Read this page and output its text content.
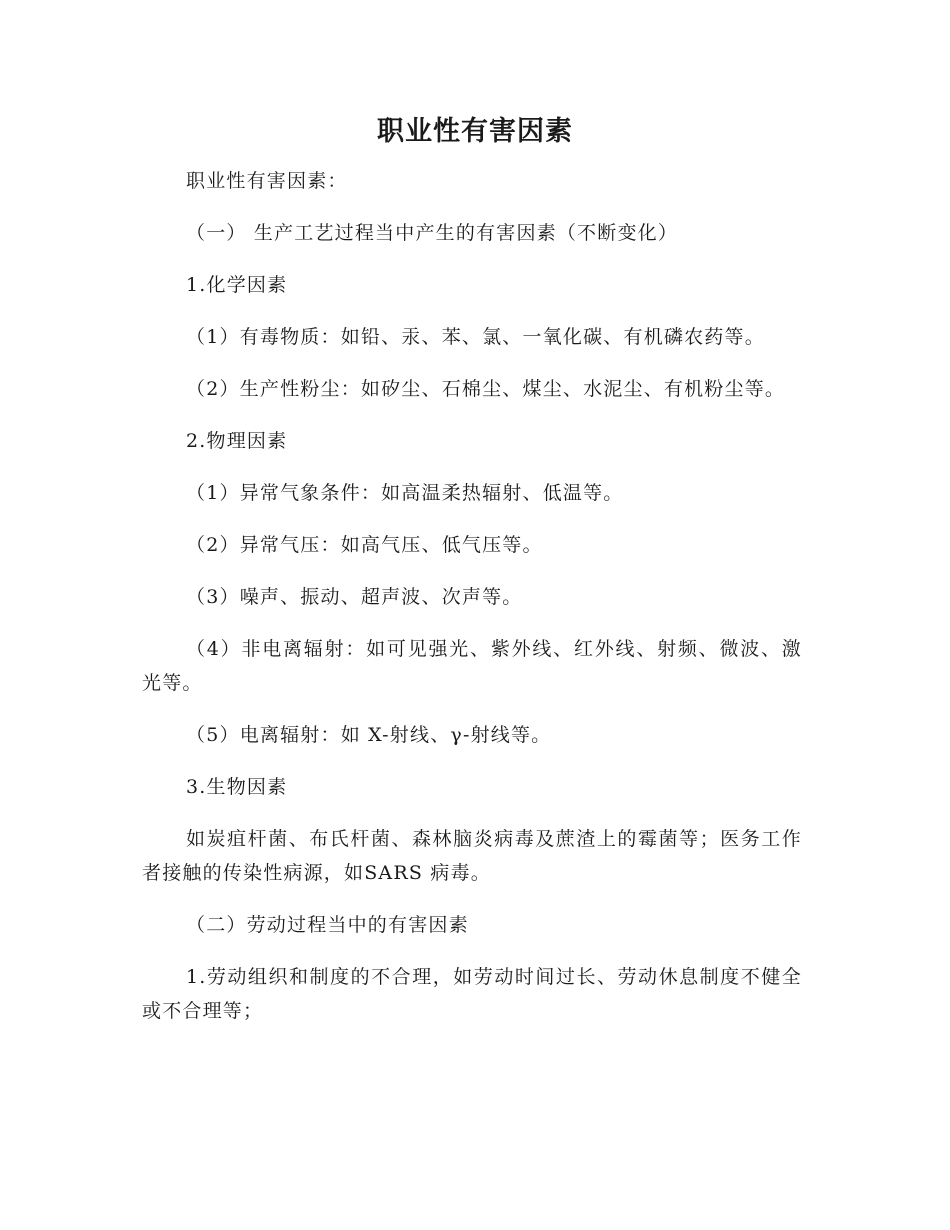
职业性有害因素

职业性有害因素：

（一） 生产工艺过程当中产生的有害因素（不断变化）

1.化学因素

（1）有毒物质：如铅、汞、苯、氯、一氧化碳、有机磷农药等。

（2）生产性粉尘：如矽尘、石棉尘、煤尘、水泥尘、有机粉尘等。

2.物理因素

（1）异常气象条件：如高温柔热辐射、低温等。

（2）异常气压：如高气压、低气压等。

（3）噪声、振动、超声波、次声等。

（4）非电离辐射：如可见强光、紫外线、红外线、射频、微波、激光等。

（5）电离辐射：如 X-射线、γ-射线等。

3.生物因素

如炭疽杆菌、布氏杆菌、森林脑炎病毒及蔗渣上的霉菌等；医务工作者接触的传染性病源，如SARS 病毒。

（二）劳动过程当中的有害因素

1.劳动组织和制度的不合理，如劳动时间过长、劳动休息制度不健全或不合理等；
